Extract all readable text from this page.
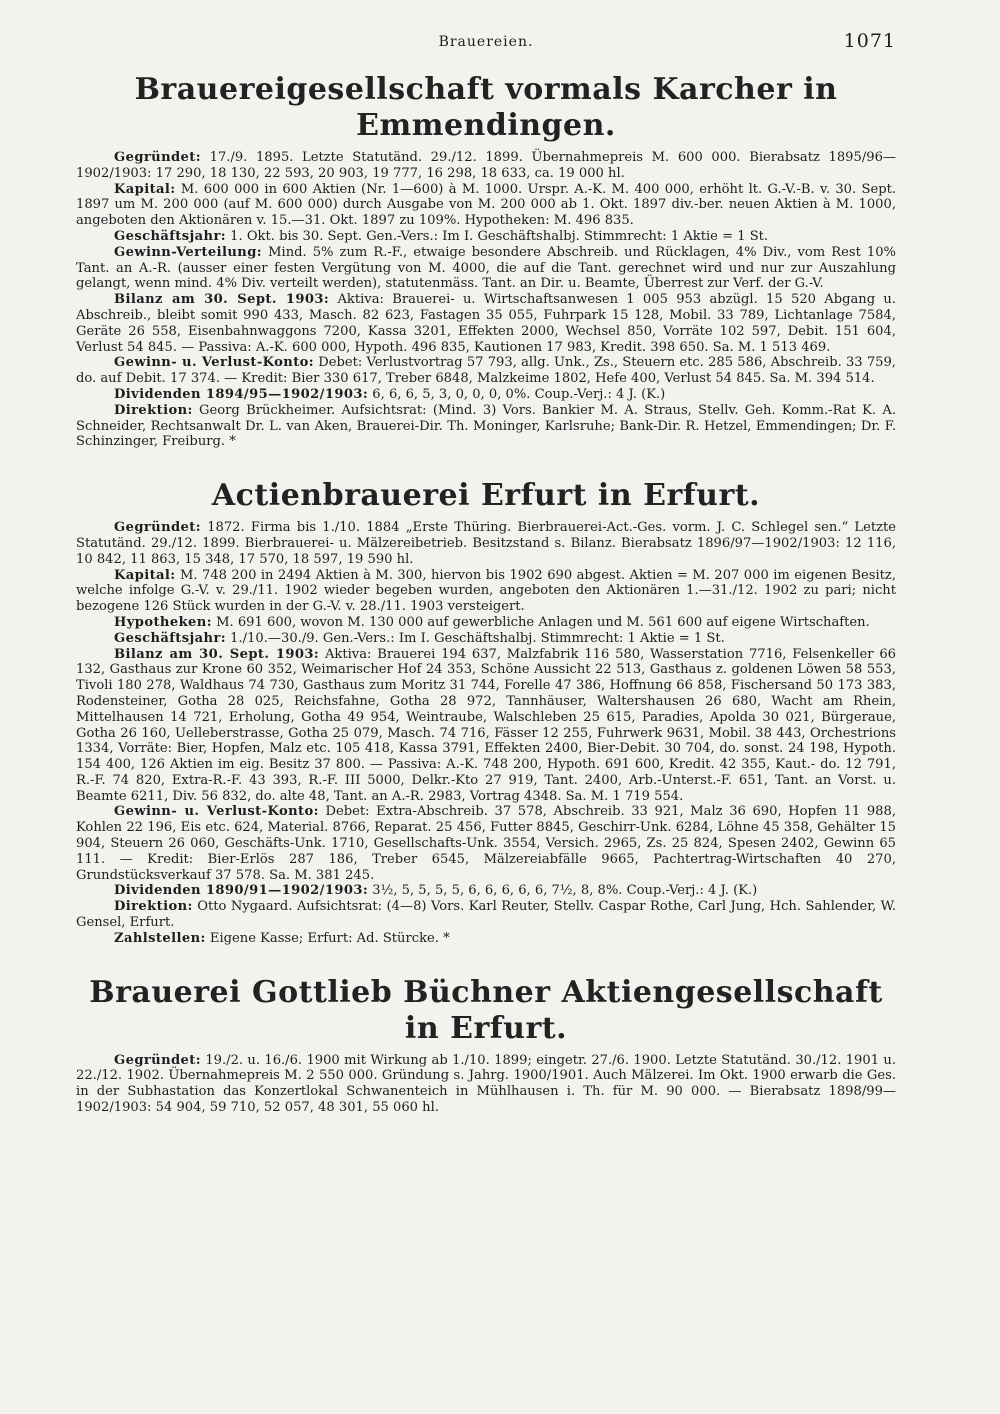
Brauereien.	1071
Brauereigesellschaft vormals Karcher in Emmendingen.

Gegründet: 17./9. 1895. Letzte Statutänd. 29./12. 1899. Übernahmepreis M. 600 000. Bierabsatz 1895/96—1902/1903: 17 290, 18 130, 22 593, 20 903, 19 777, 16 298, 18 633, ca. 19 000 hl.

Kapital: M. 600 000 in 600 Aktien (Nr. 1—600) à M. 1000. Urspr. A.-K. M. 400 000, erhöht lt. G.-V.-B. v. 30. Sept. 1897 um M. 200 000 (auf M. 600 000) durch Ausgabe von M. 200 000 ab 1. Okt. 1897 div.-ber. neuen Aktien à M. 1000, angeboten den Aktionären v. 15.—31. Okt. 1897 zu 109%. Hypotheken: M. 496 835.

Geschäftsjahr: 1. Okt. bis 30. Sept. Gen.-Vers.: Im I. Geschäftshalbj. Stimmrecht: 1 Aktie = 1 St.

Gewinn-Verteilung: Mind. 5% zum R.-F., etwaige besondere Abschreib. und Rücklagen, 4% Div., vom Rest 10% Tant. an A.-R. (ausser einer festen Vergütung von M. 4000, die auf die Tant. gerechnet wird und nur zur Auszahlung gelangt, wenn mind. 4% Div. verteilt werden), statutenmäss. Tant. an Dir. u. Beamte, Überrest zur Verf. der G.-V.

Bilanz am 30. Sept. 1903: Aktiva: Brauerei- u. Wirtschaftsanwesen 1 005 953 abzügl. 15 520 Abgang u. Abschreib., bleibt somit 990 433, Masch. 82 623, Fastagen 35 055, Fuhrpark 15 128, Mobil. 33 789, Lichtanlage 7584, Geräte 26 558, Eisenbahnwaggons 7200, Kassa 3201, Effekten 2000, Wechsel 850, Vorräte 102 597, Debit. 151 604, Verlust 54 845. — Passiva: A.-K. 600 000, Hypoth. 496 835, Kautionen 17 983, Kredit. 398 650. Sa. M. 1 513 469.

Gewinn- u. Verlust-Konto: Debet: Verlustvortrag 57 793, allg. Unk., Zs., Steuern etc. 285 586, Abschreib. 33 759, do. auf Debit. 17 374. — Kredit: Bier 330 617, Treber 6848, Malzkeime 1802, Hefe 400, Verlust 54 845. Sa. M. 394 514.

Dividenden 1894/95—1902/1903: 6, 6, 6, 5, 3, 0, 0, 0, 0%. Coup.-Verj.: 4 J. (K.)

Direktion: Georg Brückheimer. Aufsichtsrat: (Mind. 3) Vors. Bankier M. A. Straus, Stellv. Geh. Komm.-Rat K. A. Schneider, Rechtsanwalt Dr. L. van Aken, Brauerei-Dir. Th. Moninger, Karlsruhe; Bank-Dir. R. Hetzel, Emmendingen; Dr. F. Schinzinger, Freiburg. *

Actienbrauerei Erfurt in Erfurt.

Gegründet: 1872. Firma bis 1./10. 1884 „Erste Thüring. Bierbrauerei-Act.-Ges. vorm. J. C. Schlegel sen.“ Letzte Statutänd. 29./12. 1899. Bierbrauerei- u. Mälzereibetrieb. Besitzstand s. Bilanz. Bierabsatz 1896/97—1902/1903: 12 116, 10 842, 11 863, 15 348, 17 570, 18 597, 19 590 hl.

Kapital: M. 748 200 in 2494 Aktien à M. 300, hiervon bis 1902 690 abgest. Aktien = M. 207 000 im eigenen Besitz, welche infolge G.-V. v. 29./11. 1902 wieder begeben wurden, angeboten den Aktionären 1.—31./12. 1902 zu pari; nicht bezogene 126 Stück wurden in der G.-V. v. 28./11. 1903 versteigert.

Hypotheken: M. 691 600, wovon M. 130 000 auf gewerbliche Anlagen und M. 561 600 auf eigene Wirtschaften.

Geschäftsjahr: 1./10.—30./9. Gen.-Vers.: Im I. Geschäftshalbj. Stimmrecht: 1 Aktie = 1 St.

Bilanz am 30. Sept. 1903: Aktiva: Brauerei 194 637, Malzfabrik 116 580, Wasserstation 7716, Felsenkeller 66 132, Gasthaus zur Krone 60 352, Weimarischer Hof 24 353, Schöne Aussicht 22 513, Gasthaus z. goldenen Löwen 58 553, Tivoli 180 278, Waldhaus 74 730, Gasthaus zum Moritz 31 744, Forelle 47 386, Hoffnung 66 858, Fischersand 50 173 383, Rodensteiner, Gotha 28 025, Reichsfahne, Gotha 28 972, Tannhäuser, Waltershausen 26 680, Wacht am Rhein, Mittelhausen 14 721, Erholung, Gotha 49 954, Weintraube, Walschleben 25 615, Paradies, Apolda 30 021, Bürgeraue, Gotha 26 160, Uelleberstrasse, Gotha 25 079, Masch. 74 716, Fässer 12 255, Fuhrwerk 9631, Mobil. 38 443, Orchestrions 1334, Vorräte: Bier, Hopfen, Malz etc. 105 418, Kassa 3791, Effekten 2400, Bier-Debit. 30 704, do. sonst. 24 198, Hypoth. 154 400, 126 Aktien im eig. Besitz 37 800. — Passiva: A.-K. 748 200, Hypoth. 691 600, Kredit. 42 355, Kaut.- do. 12 791, R.-F. 74 820, Extra-R.-F. 43 393, R.-F. III 5000, Delkr.-Kto 27 919, Tant. 2400, Arb.-Unterst.-F. 651, Tant. an Vorst. u. Beamte 6211, Div. 56 832, do. alte 48, Tant. an A.-R. 2983, Vortrag 4348. Sa. M. 1 719 554.

Gewinn- u. Verlust-Konto: Debet: Extra-Abschreib. 37 578, Abschreib. 33 921, Malz 36 690, Hopfen 11 988, Kohlen 22 196, Eis etc. 624, Material. 8766, Reparat. 25 456, Futter 8845, Geschirr-Unk. 6284, Löhne 45 358, Gehälter 15 904, Steuern 26 060, Geschäfts-Unk. 1710, Gesellschafts-Unk. 3554, Versich. 2965, Zs. 25 824, Spesen 2402, Gewinn 65 111. — Kredit: Bier-Erlös 287 186, Treber 6545, Mälzereiabfälle 9665, Pachtertrag-Wirtschaften 40 270, Grundstücksverkauf 37 578. Sa. M. 381 245.

Dividenden 1890/91—1902/1903: 3½, 5, 5, 5, 5, 6, 6, 6, 6, 6, 7½, 8, 8%. Coup.-Verj.: 4 J. (K.)

Direktion: Otto Nygaard. Aufsichtsrat: (4—8) Vors. Karl Reuter, Stellv. Caspar Rothe, Carl Jung, Hch. Sahlender, W. Gensel, Erfurt.

Zahlstellen: Eigene Kasse; Erfurt: Ad. Stürcke. *

Brauerei Gottlieb Büchner Aktiengesellschaft in Erfurt.

Gegründet: 19./2. u. 16./6. 1900 mit Wirkung ab 1./10. 1899; eingetr. 27./6. 1900. Letzte Statutänd. 30./12. 1901 u. 22./12. 1902. Übernahmepreis M. 2 550 000. Gründung s. Jahrg. 1900/1901. Auch Mälzerei. Im Okt. 1900 erwarb die Ges. in der Subhastation das Konzertlokal Schwanenteich in Mühlhausen i. Th. für M. 90 000. — Bierabsatz 1898/99—1902/1903: 54 904, 59 710, 52 057, 48 301, 55 060 hl.
